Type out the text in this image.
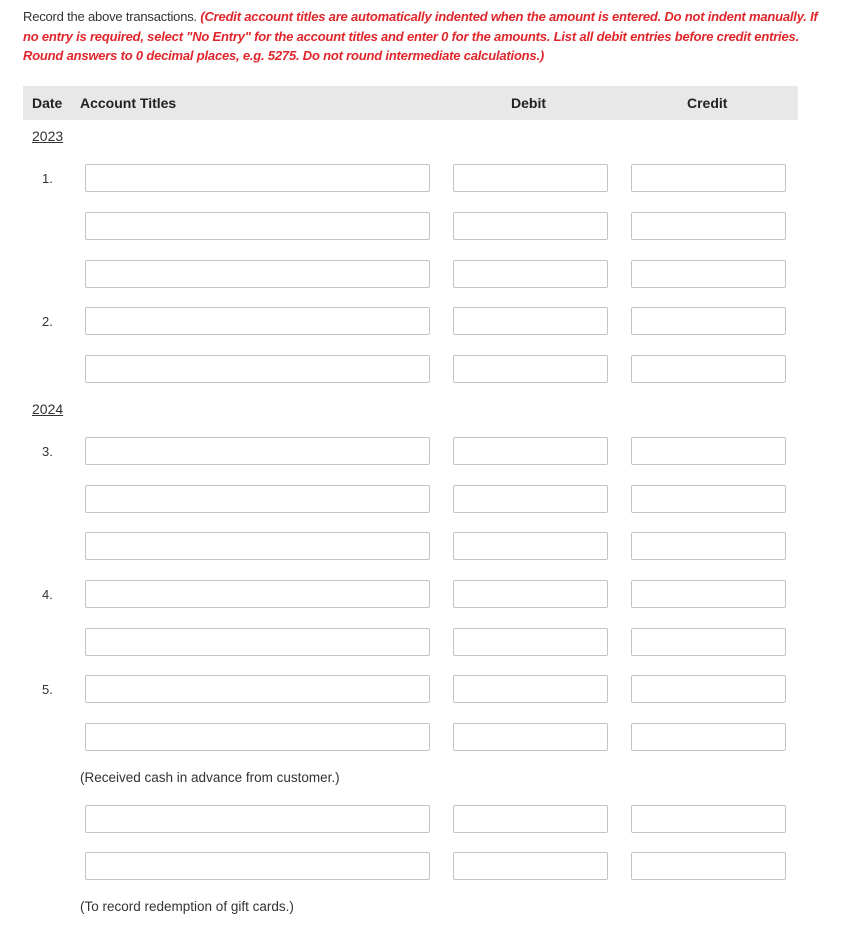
Record the above transactions. (Credit account titles are automatically indented when the amount is entered. Do not indent manually. If no entry is required, select "No Entry" for the account titles and enter 0 for the amounts. List all debit entries before credit entries. Round answers to 0 decimal places, e.g. 5275. Do not round intermediate calculations.)
Date Account Titles	Debit	Credit
2023
1.
2.
2024
3.
4.
5.
(Received cash in advance from customer.)
(To record redemption of gift cards.)
